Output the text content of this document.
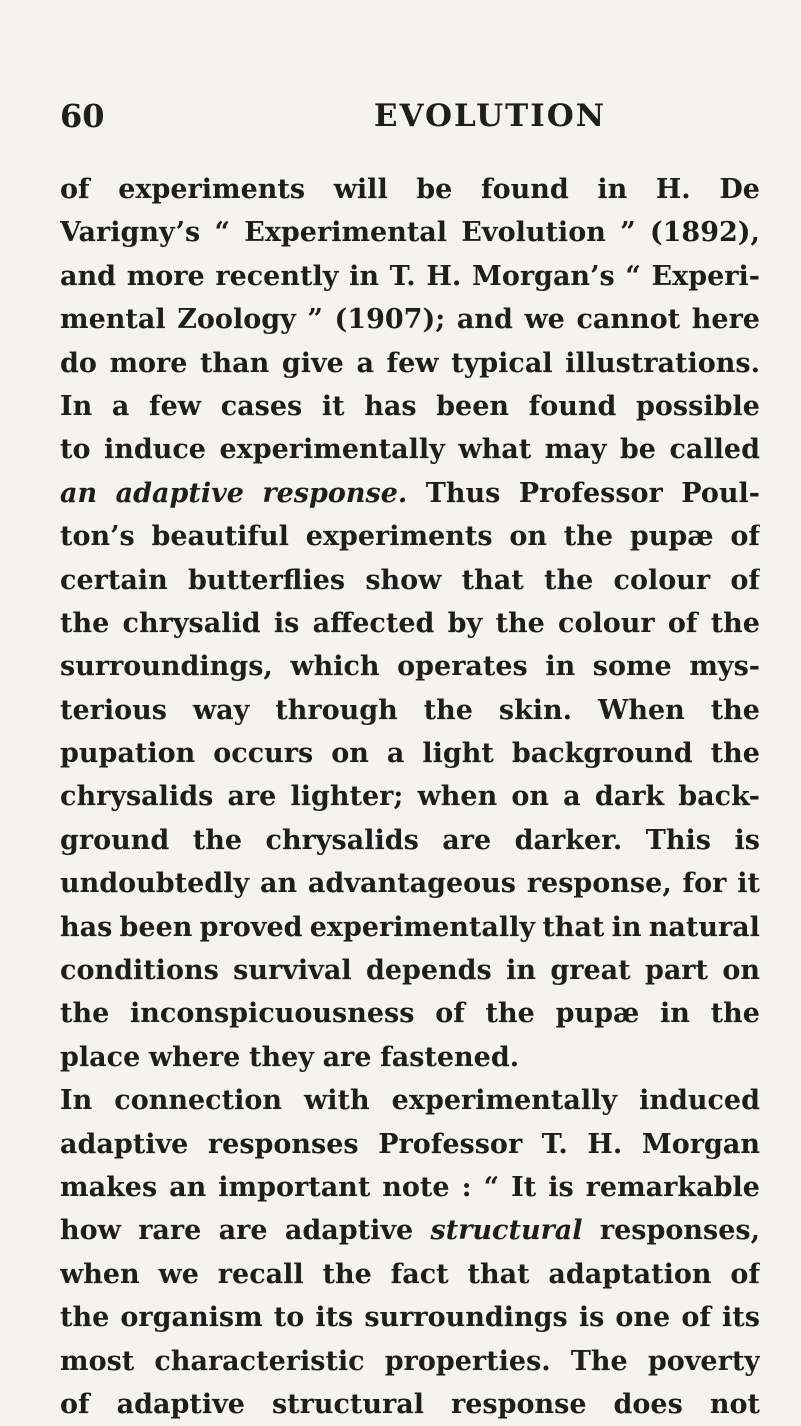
60	EVOLUTION
of experiments will be found in H. De
Varigny’s “ Experimental Evolution ” (1892),
and more recently in T. H. Morgan’s “ Experi-
mental Zoology ” (1907); and we cannot here
do more than give a few typical illustrations.
In a few cases it has been found possible
to induce experimentally what may be called
an adaptive response. Thus Professor Poul-
ton’s beautiful experiments on the pupæ of
certain butterflies show that the colour of
the chrysalid is affected by the colour of the
surroundings, which operates in some mys-
terious way through the skin. When the
pupation occurs on a light background the
chrysalids are lighter; when on a dark back-
ground the chrysalids are darker. This is
undoubtedly an advantageous response, for it
has been proved experimentally that in natural
conditions survival depends in great part on
the inconspicuousness of the pupæ in the
place where they are fastened.
In connection with experimentally induced
adaptive responses Professor T. H. Morgan
makes an important note : “ It is remarkable
how rare are adaptive structural responses,
when we recall the fact that adaptation of
the organism to its surroundings is one of its
most characteristic properties. The poverty
of adaptive structural response does not
